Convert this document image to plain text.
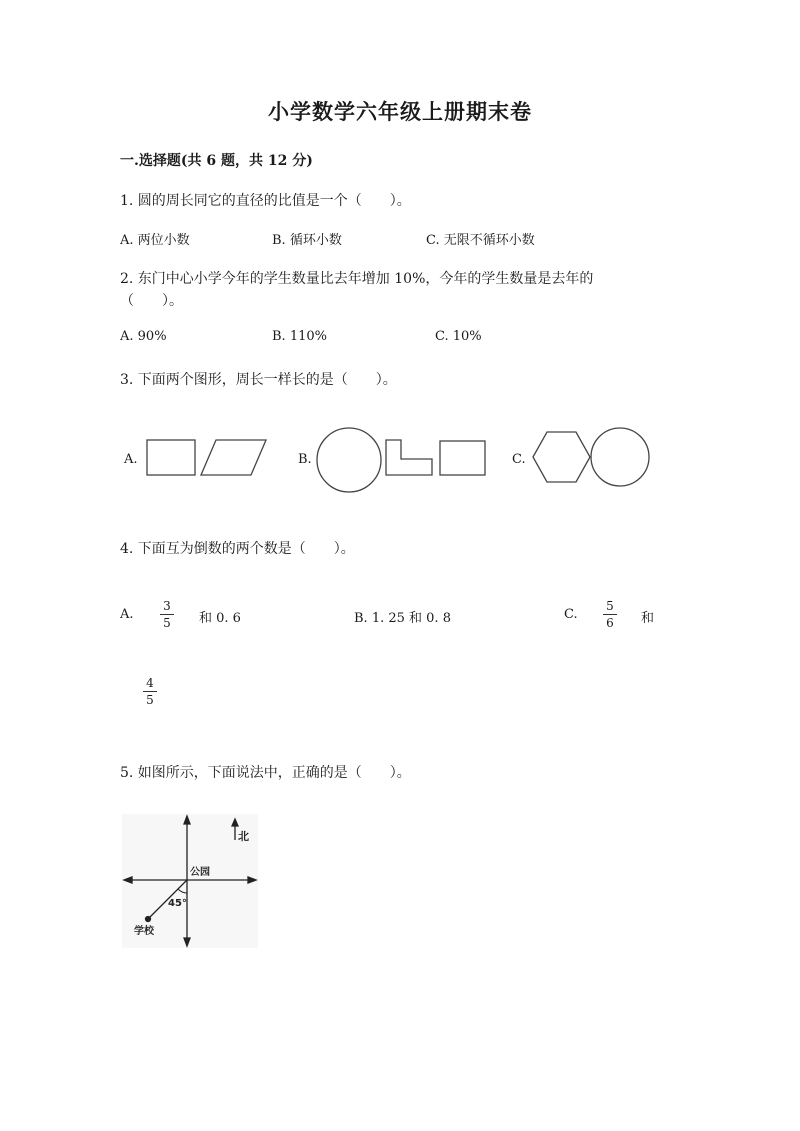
小学数学六年级上册期末卷
一.选择题(共 6 题，共 12 分)
1. 圆的周长同它的直径的比值是一个（　　）。
A. 两位小数	B. 循环小数	C. 无限不循环小数
2. 东门中心小学今年的学生数量比去年增加 10%，今年的学生数量是去年的
（　　）。
A. 90%	B. 110%	C. 10%
3. 下面两个图形，周长一样长的是（　　）。
A.	B.	C.
4. 下面互为倒数的两个数是（　　）。
A.
3
5 和 0. 6	B. 1. 25 和 0. 8	C.
5
6 和
4
5
5. 如图所示，下面说法中，正确的是（　　）。
北
公园
45°
学校
